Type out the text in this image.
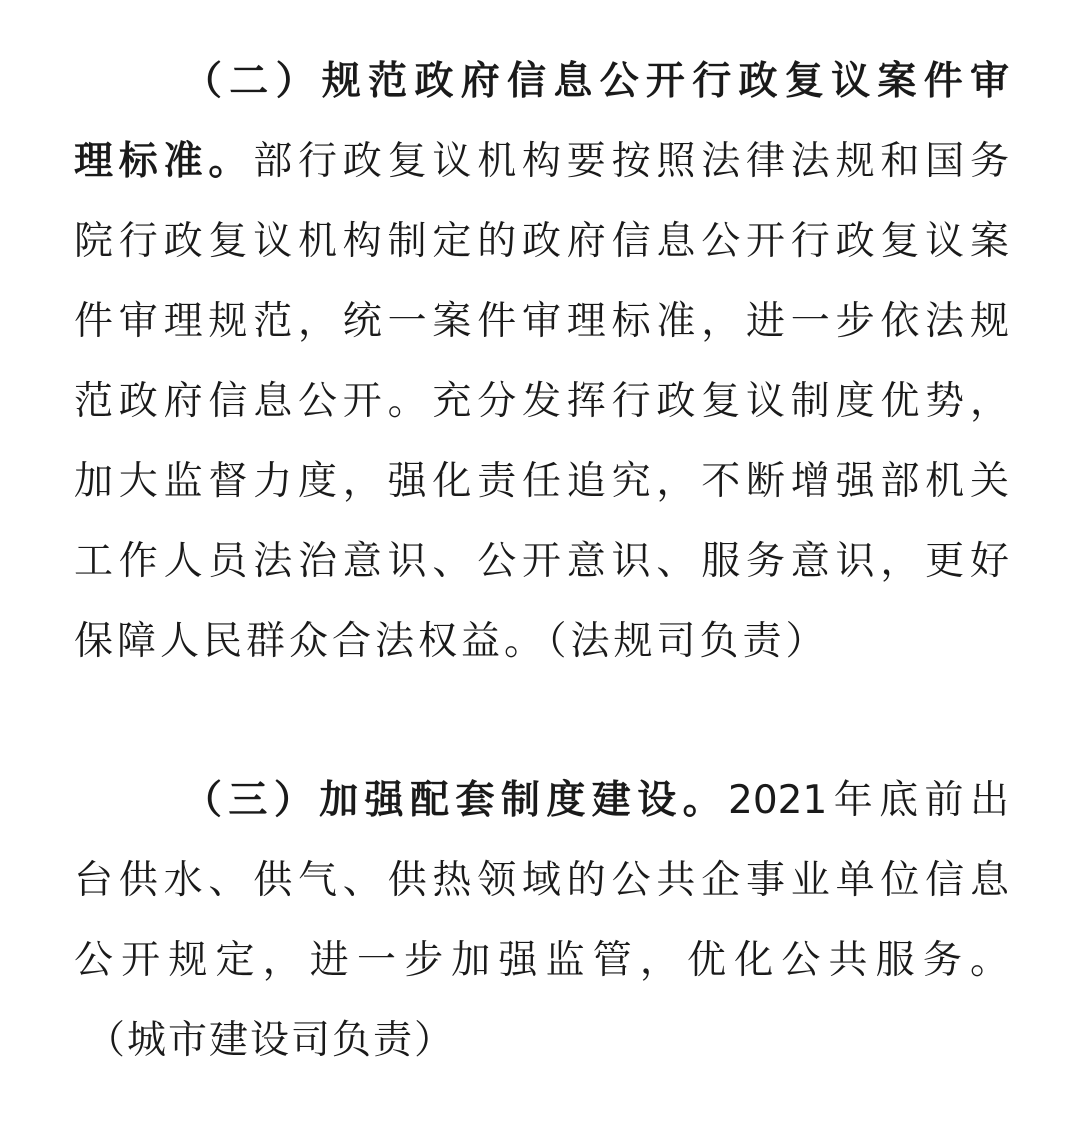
（二）规范政府信息公开行政复议案件审
理标准。部行政复议机构要按照法律法规和国务
院行政复议机构制定的政府信息公开行政复议案
件审理规范，统一案件审理标准，进一步依法规
范政府信息公开。充分发挥行政复议制度优势，
加大监督力度，强化责任追究，不断增强部机关
工作人员法治意识、公开意识、服务意识，更好
保障人民群众合法权益。（法规司负责）
（三）加强配套制度建设。2021年底前出
台供水、供气、供热领域的公共企事业单位信息
公开规定，进一步加强监管，优化公共服务。
（城市建设司负责）
